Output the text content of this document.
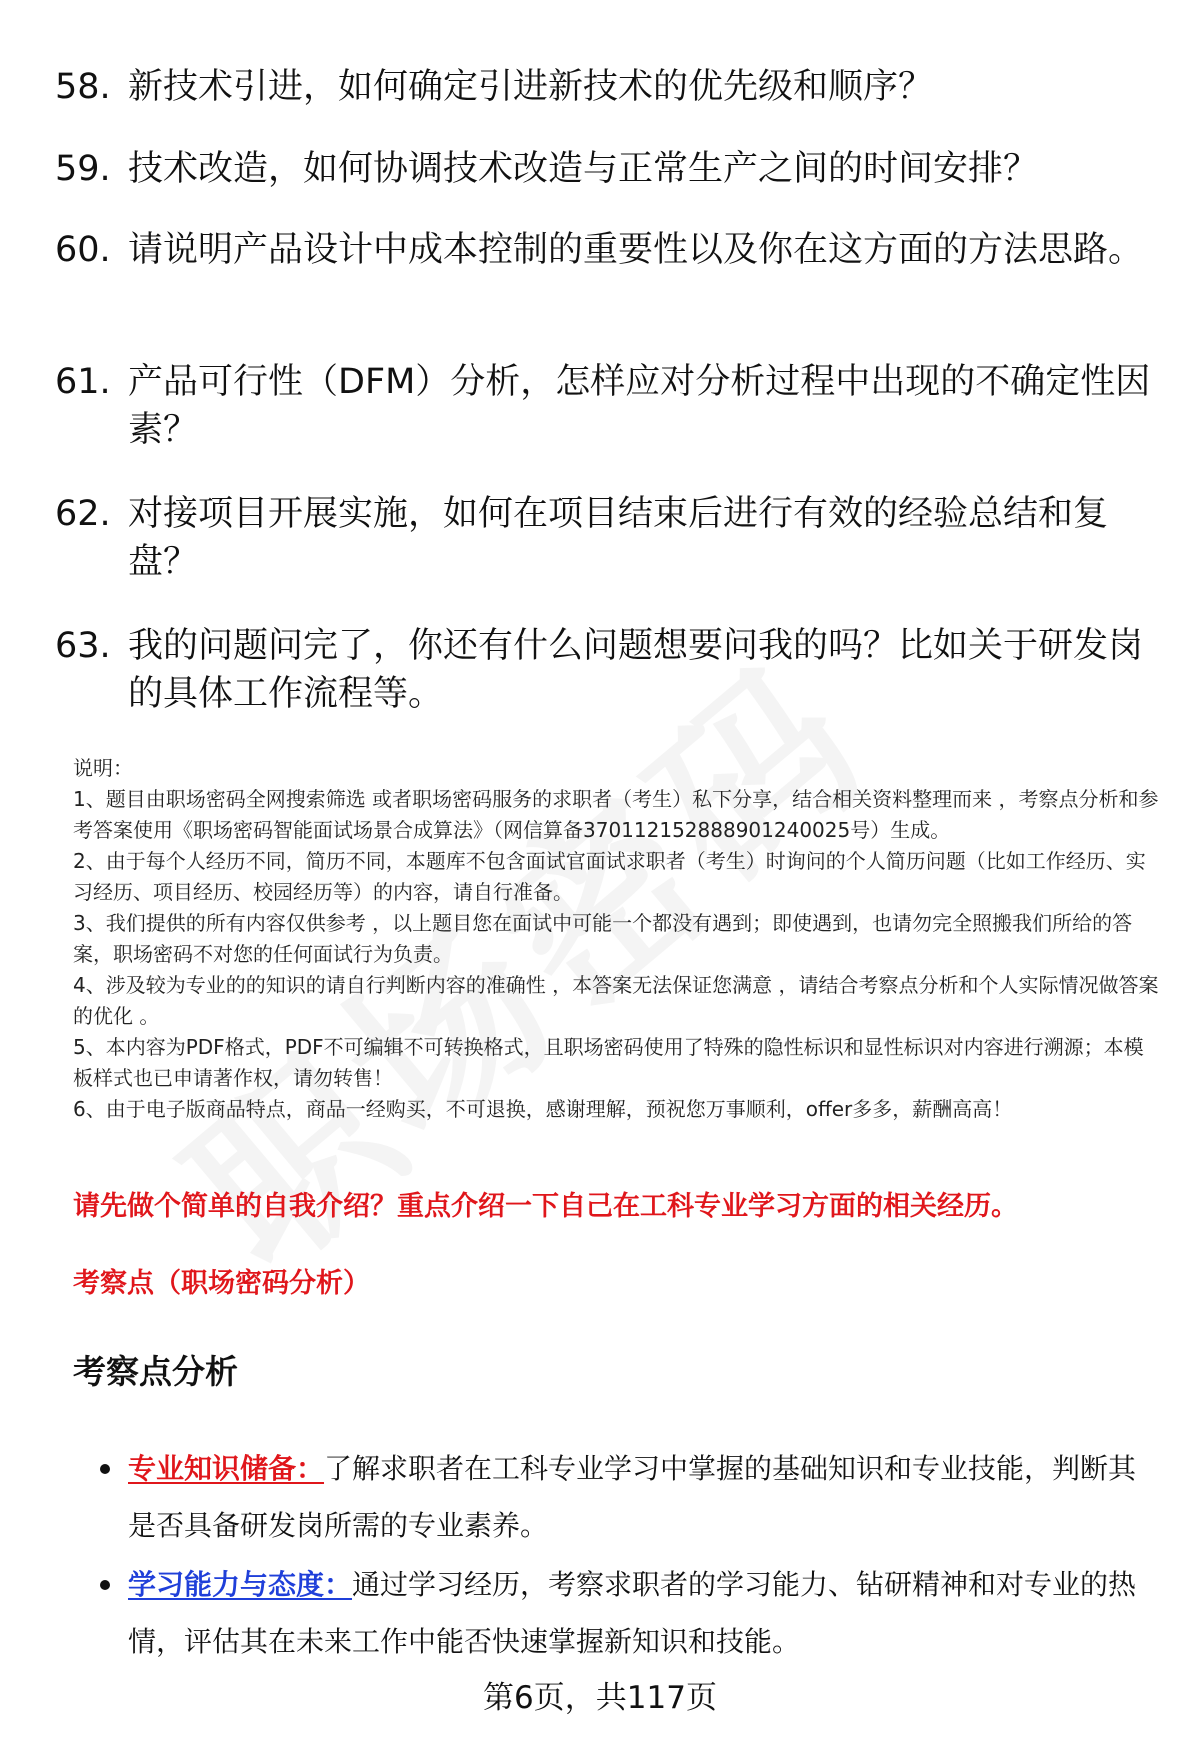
58. 新技术引进，如何确定引进新技术的优先级和顺序？
59. 技术改造，如何协调技术改造与正常生产之间的时间安排？
60. 请说明产品设计中成本控制的重要性以及你在这方面的方法思路。
61. 产品可行性（DFM）分析，怎样应对分析过程中出现的不确定性因素？
62. 对接项目开展实施，如何在项目结束后进行有效的经验总结和复盘？
63. 我的问题问完了，你还有什么问题想要问我的吗？比如关于研发岗的具体工作流程等。

说明：

1、题目由职场密码全网搜索筛选 或者职场密码服务的求职者（考生）私下分享，结合相关资料整理而来 ，考察点分析和参考答案使用《职场密码智能面试场景合成算法》（网信算备370112152888901240025号）生成。

2、由于每个人经历不同，简历不同，本题库不包含面试官面试求职者（考生）时询问的个人简历问题（比如工作经历、实习经历、项目经历、校园经历等）的内容，请自行准备。

3、我们提供的所有内容仅供参考 ，以上题目您在面试中可能一个都没有遇到；即使遇到，也请勿完全照搬我们所给的答案，职场密码不对您的任何面试行为负责。

4、涉及较为专业的的知识的请自行判断内容的准确性 ，本答案无法保证您满意 ，请结合考察点分析和个人实际情况做答案的优化 。

5、本内容为PDF格式，PDF不可编辑不可转换格式，且职场密码使用了特殊的隐性标识和显性标识对内容进行溯源；本模板样式也已申请著作权，请勿转售！

6、由于电子版商品特点，商品一经购买，不可退换，感谢理解，预祝您万事顺利，offer多多，薪酬高高！

请先做个简单的自我介绍？重点介绍一下自己在工科专业学习方面的相关经历。
考察点（职场密码分析）
考察点分析
专业知识储备：了解求职者在工科专业学习中掌握的基础知识和专业技能，判断其是否具备研发岗所需的专业素养。
学习能力与态度：通过学习经历，考察求职者的学习能力、钻研精神和对专业的热情，评估其在未来工作中能否快速掌握新知识和技能。
第6页，共117页
